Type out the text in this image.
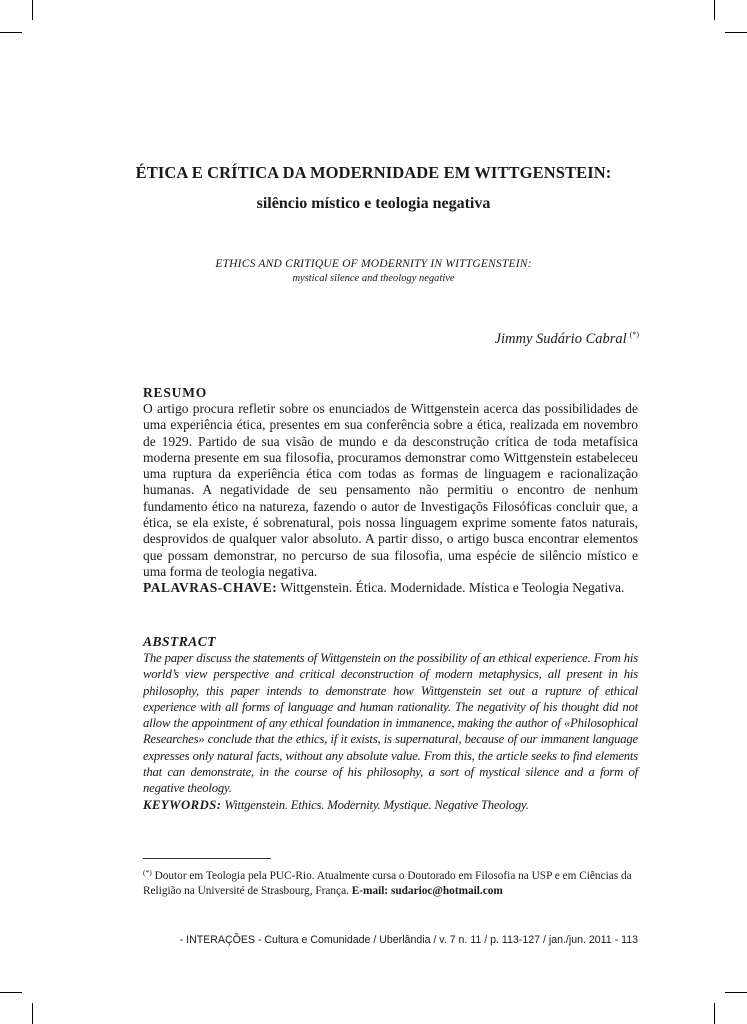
ÉTICA E CRÍTICA DA MODERNIDADE EM WITTGENSTEIN:
silêncio místico e teologia negativa
ETHICS AND CRITIQUE OF MODERNITY IN WITTGENSTEIN:
mystical silence and theology negative
Jimmy Sudário Cabral (*)
RESUMO
O artigo procura refletir sobre os enunciados de Wittgenstein acerca das possibilidades de uma experiência ética, presentes em sua conferência sobre a ética, realizada em novembro de 1929. Partido de sua visão de mundo e da desconstrução crítica de toda metafísica moderna presente em sua filosofia, procuramos demonstrar como Wittgenstein estabeleceu uma ruptura da experiência ética com todas as formas de linguagem e racionalização humanas. A negatividade de seu pensamento não permitiu o encontro de nenhum fundamento ético na natureza, fazendo o autor de Investigaçõs Filosóficas concluir que, a ética, se ela existe, é sobrenatural, pois nossa linguagem exprime somente fatos naturais, desprovidos de qualquer valor absoluto. A partir disso, o artigo busca encontrar elementos que possam demonstrar, no percurso de sua filosofia, uma espécie de silêncio místico e uma forma de teologia negativa.
PALAVRAS-CHAVE: Wittgenstein. Ética. Modernidade. Mística e Teologia Negativa.
ABSTRACT
The paper discuss the statements of Wittgenstein on the possibility of an ethical experience. From his world’s view perspective and critical deconstruction of modern metaphysics, all present in his philosophy, this paper intends to demonstrate how Wittgenstein set out a rupture of ethical experience with all forms of language and human rationality. The negativity of his thought did not allow the appointment of any ethical foundation in immanence, making the author of «Philosophical Researches» conclude that the ethics, if it exists, is supernatural, because of our immanent language expresses only natural facts, without any absolute value. From this, the article seeks to find elements that can demonstrate, in the course of his philosophy, a sort of mystical silence and a form of negative theology.
KEYWORDS: Wittgenstein. Ethics. Modernity. Mystique. Negative Theology.
(*) Doutor em Teologia pela PUC-Rio. Atualmente cursa o Doutorado em Filosofia na USP e em Ciências da Religião na Université de Strasbourg, França. E-mail: sudarioc@hotmail.com
- INTERAÇÕES - Cultura e Comunidade / Uberlândia / v. 7 n. 11 / p. 113-127 / jan./jun. 2011 - 113
